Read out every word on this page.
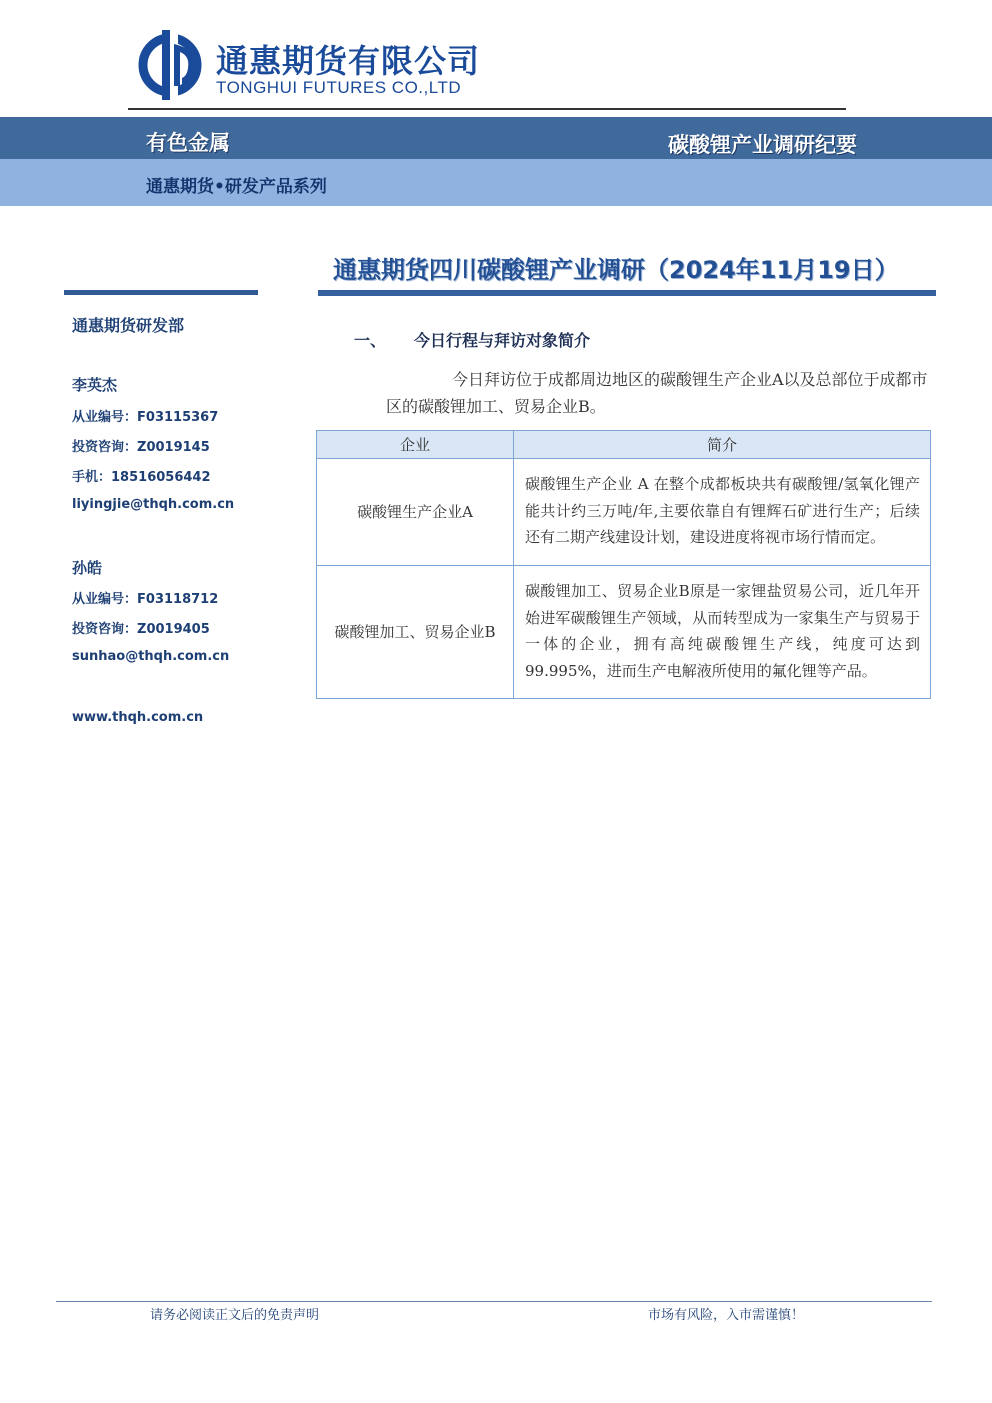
通惠期货有限公司
TONGHUI FUTURES CO.,LTD
有色金属	碳酸锂产业调研纪要
通惠期货•研发产品系列
通惠期货四川碳酸锂产业调研（2024年11月19日）
通惠期货研发部
李英杰
从业编号：F03115367
投资咨询：Z0019145
手机：18516056442
liyingjie@thqh.com.cn
孙皓
从业编号：F03118712
投资咨询：Z0019405
sunhao@thqh.com.cn
www.thqh.com.cn
一、 今日行程与拜访对象简介
今日拜访位于成都周边地区的碳酸锂生产企业A以及总部位于成都市区的碳酸锂加工、贸易企业B。
企业	简介
碳酸锂生产企业A	碳酸锂生产企业 A 在整个成都板块共有碳酸锂/氢氧化锂产能共计约三万吨/年,主要依靠自有锂辉石矿进行生产；后续还有二期产线建设计划，建设进度将视市场行情而定。
碳酸锂加工、贸易企业B	碳酸锂加工、贸易企业B原是一家锂盐贸易公司，近几年开始进军碳酸锂生产领域，从而转型成为一家集生产与贸易于一体的企业，拥有高纯碳酸锂生产线，纯度可达到 99.995%，进而生产电解液所使用的氟化锂等产品。
请务必阅读正文后的免责声明	市场有风险，入市需谨慎！
